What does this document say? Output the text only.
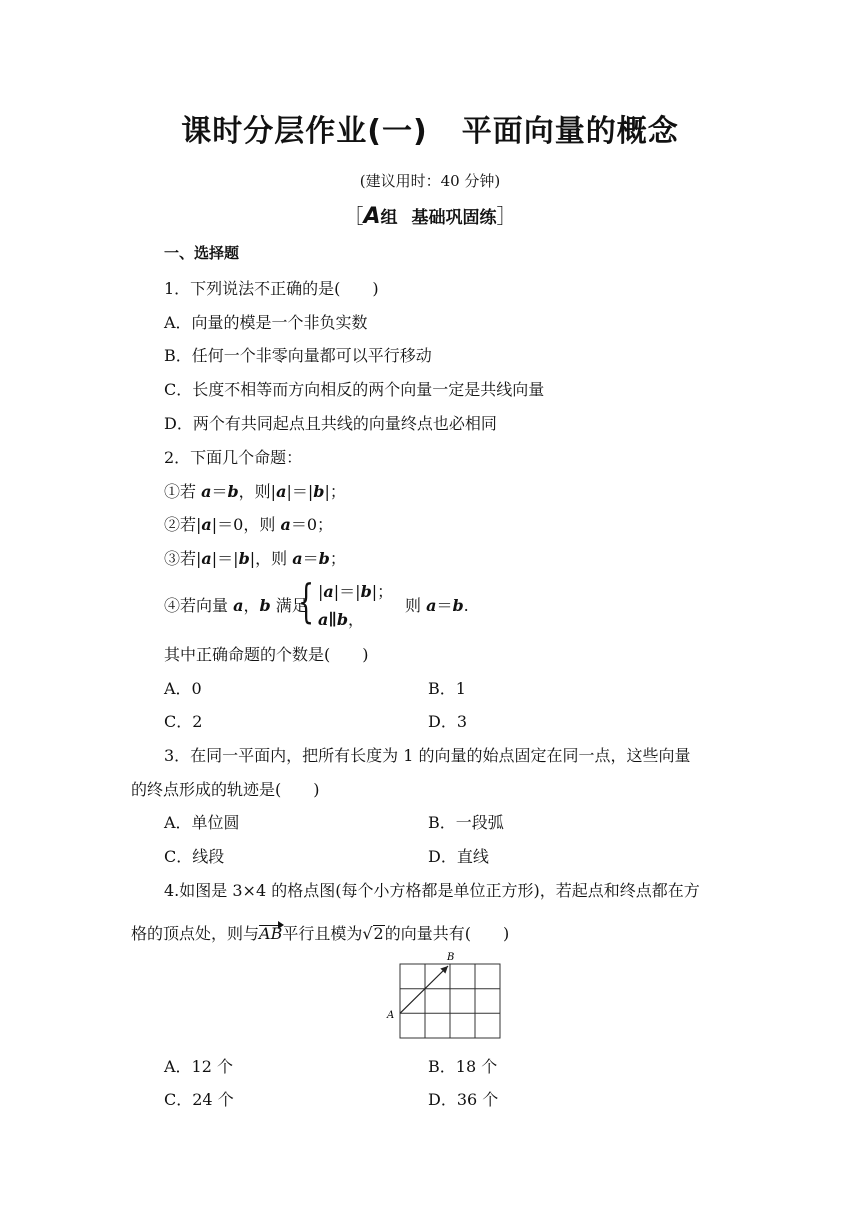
课时分层作业(一) 平面向量的概念
(建议用时：40 分钟)
［A组 基础巩固练］
一、选择题
1．下列说法不正确的是(　　)
A．向量的模是一个非负实数
B．任何一个非零向量都可以平行移动
C．长度不相等而方向相反的两个向量一定是共线向量
D．两个有共同起点且共线的向量终点也必相同
2．下面几个命题：
①若 a＝b，则|a|＝|b|；
②若|a|＝0，则 a＝0；
③若|a|＝|b|，则 a＝b；
④若向量 a，b 满足
{ |a|＝|b|；
a∥b，
则 a＝b.
其中正确命题的个数是(　　)
A．0	B．1
C．2	D．3
3．在同一平面内，把所有长度为 1 的向量的始点固定在同一点，这些向量
的终点形成的轨迹是(　　)
A．单位圆	B．一段弧
C．线段	D．直线
4.如图是 3×4 的格点图(每个小方格都是单位正方形)，若起点和终点都在方
格的顶点处，则与AB平行且模为√2的向量共有(　　)
A
B
A．12 个	B．18 个
C．24 个	D．36 个
